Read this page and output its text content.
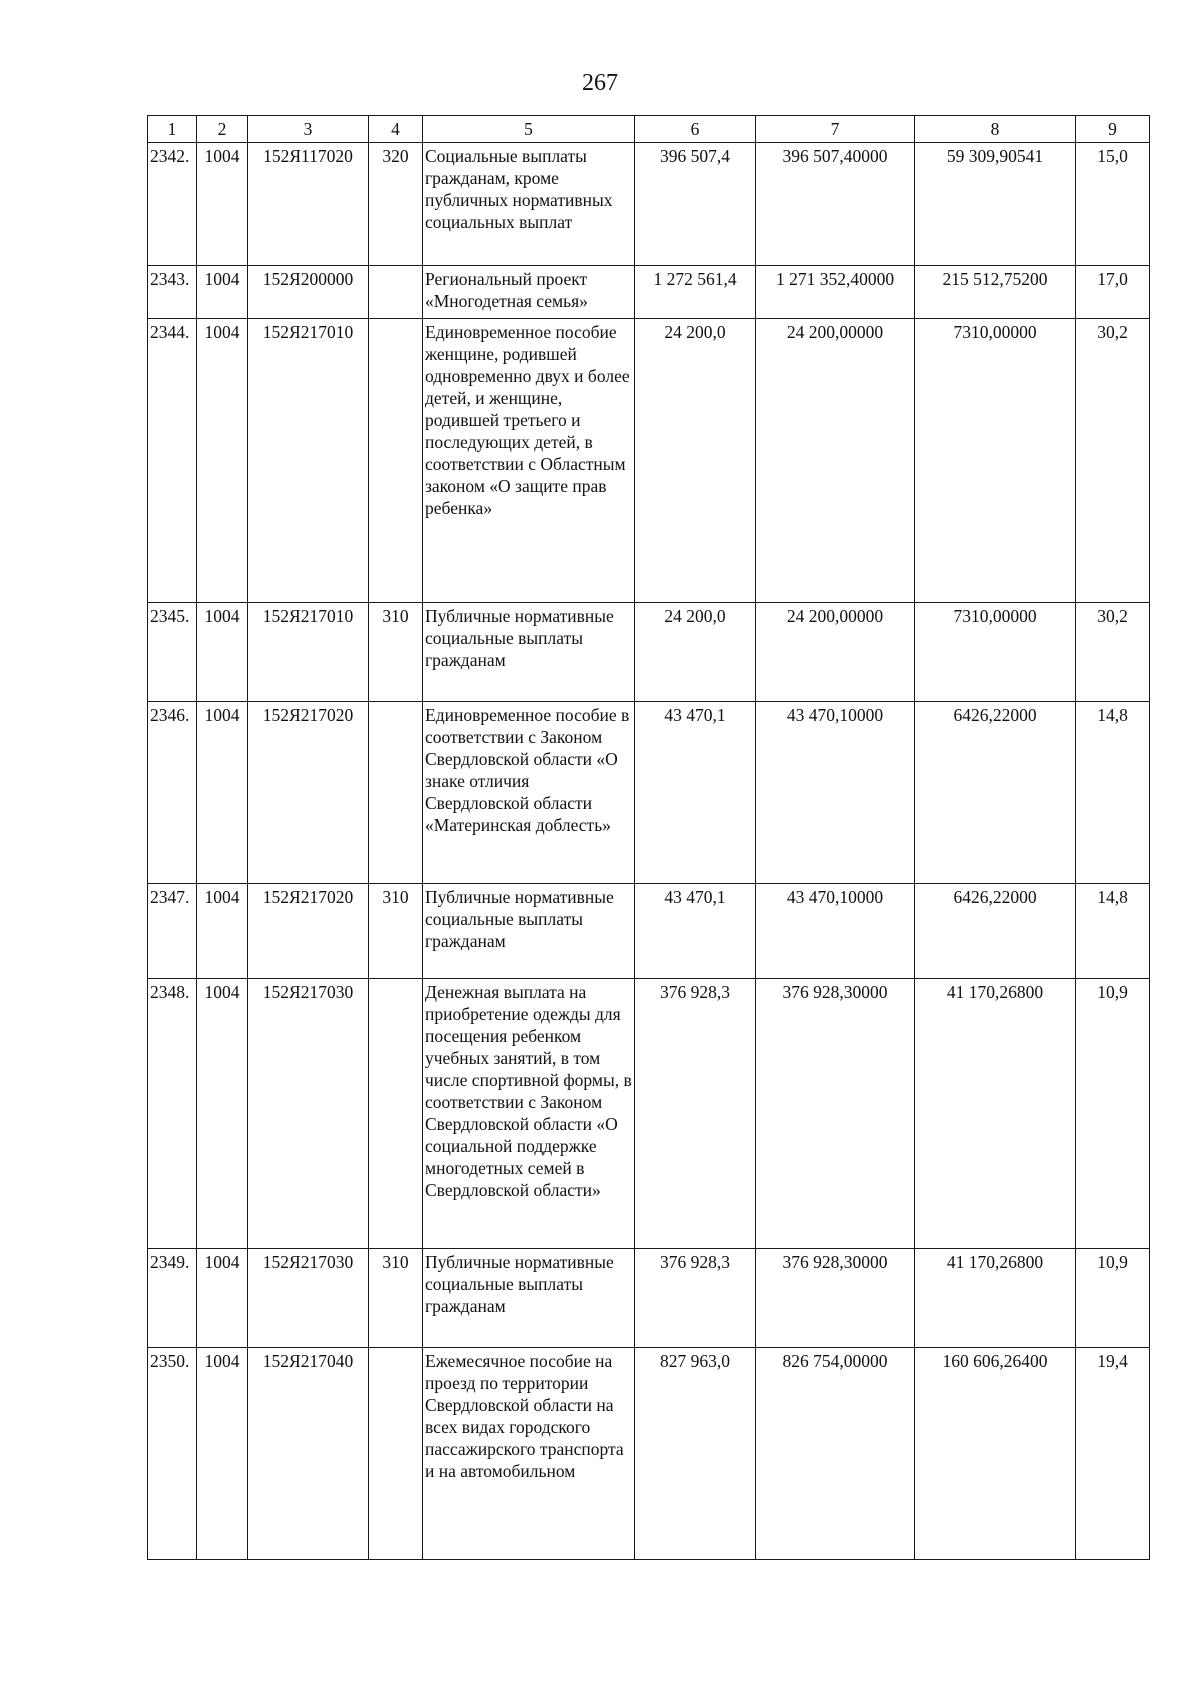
267
1	2	3	4	5	6	7	8	9
2342.	1004	152Я117020	320	Социальные выплаты гражданам, кроме публичных нормативных социальных выплат	396 507,4	396 507,40000	59 309,90541	15,0
2343.	1004	152Я200000		Региональный проект «Многодетная семья»	1 272 561,4	1 271 352,40000	215 512,75200	17,0
2344.	1004	152Я217010		Единовременное пособие женщине, родившей одновременно двух и более детей, и женщине, родившей третьего и последующих детей, в соответствии с Областным законом «О защите прав ребенка»	24 200,0	24 200,00000	7310,00000	30,2
2345.	1004	152Я217010	310	Публичные нормативные социальные выплаты гражданам	24 200,0	24 200,00000	7310,00000	30,2
2346.	1004	152Я217020		Единовременное пособие в соответствии с Законом Свердловской области «О знаке отличия Свердловской области «Материнская доблесть»	43 470,1	43 470,10000	6426,22000	14,8
2347.	1004	152Я217020	310	Публичные нормативные социальные выплаты гражданам	43 470,1	43 470,10000	6426,22000	14,8
2348.	1004	152Я217030		Денежная выплата на приобретение одежды для посещения ребенком учебных занятий, в том числе спортивной формы, в соответствии с Законом Свердловской области «О социальной поддержке многодетных семей в Свердловской области»	376 928,3	376 928,30000	41 170,26800	10,9
2349.	1004	152Я217030	310	Публичные нормативные социальные выплаты гражданам	376 928,3	376 928,30000	41 170,26800	10,9
2350.	1004	152Я217040		Ежемесячное пособие на проезд по территории Свердловской области на всех видах городского пассажирского транспорта и на автомобильном	827 963,0	826 754,00000	160 606,26400	19,4
